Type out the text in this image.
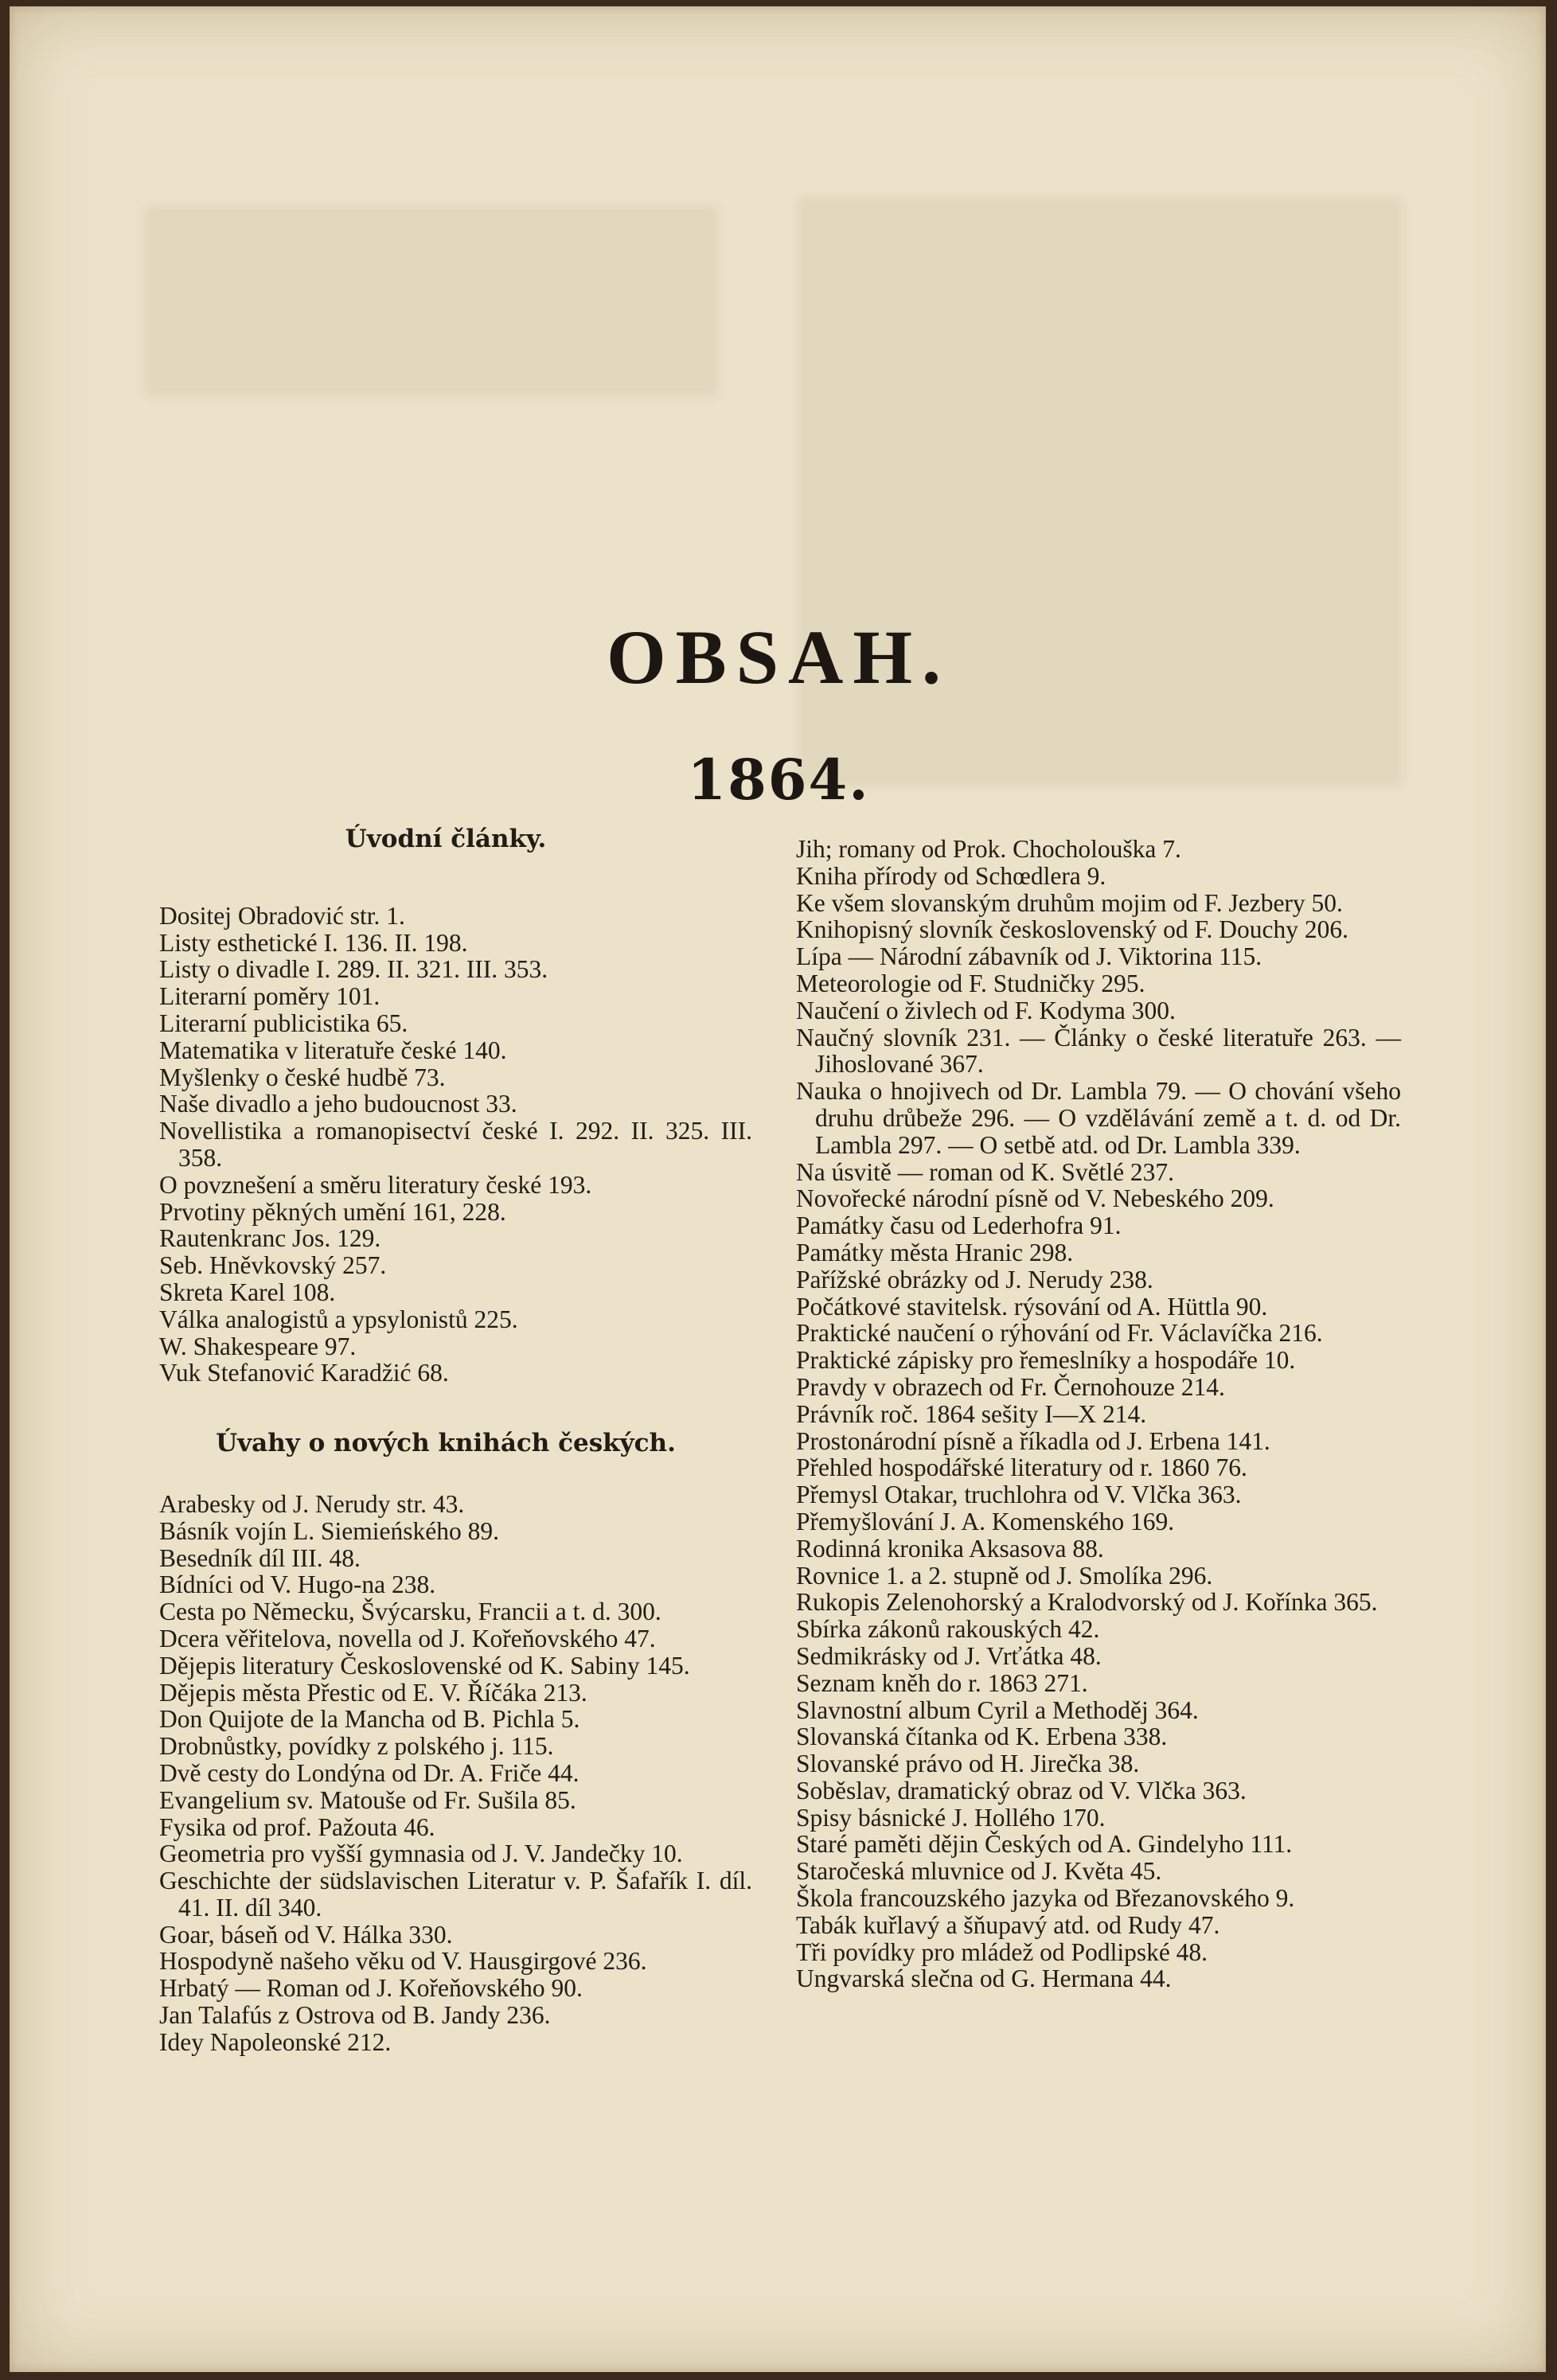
OBSAH.
1864.
Úvodní články.

Dositej Obradović str. 1.

Listy esthetické I. 136. II. 198.

Listy o divadle I. 289. II. 321. III. 353.

Literarní poměry 101.

Literarní publicistika 65.

Matematika v literatuře české 140.

Myšlenky o české hudbě 73.

Naše divadlo a jeho budoucnost 33.

Novellistika a romanopisectví české I. 292. II. 325. III. 358.

O povznešení a směru literatury české 193.

Prvotiny pěkných umění 161, 228.

Rautenkranc Jos. 129.

Seb. Hněvkovský 257.

Skreta Karel 108.

Válka analogistů a ypsylonistů 225.

W. Shakespeare 97.

Vuk Stefanović Karadžić 68.

Úvahy o nových knihách českých.

Arabesky od J. Nerudy str. 43.

Básník vojín L. Siemieńského 89.

Besedník díl III. 48.

Bídníci od V. Hugo-na 238.

Cesta po Německu, Švýcarsku, Francii a t. d. 300.

Dcera věřitelova, novella od J. Kořeňovského 47.

Dějepis literatury Československé od K. Sabiny 145.

Dějepis města Přestic od E. V. Říčáka 213.

Don Quijote de la Mancha od B. Pichla 5.

Drobnůstky, povídky z polského j. 115.

Dvě cesty do Londýna od Dr. A. Friče 44.

Evangelium sv. Matouše od Fr. Sušila 85.

Fysika od prof. Pažouta 46.

Geometria pro vyšší gymnasia od J. V. Jandečky 10.

Geschichte der südslavischen Literatur v. P. Šafařík I. díl. 41. II. díl 340.

Goar, báseň od V. Hálka 330.

Hospodyně našeho věku od V. Hausgirgové 236.

Hrbatý — Roman od J. Kořeňovského 90.

Jan Talafús z Ostrova od B. Jandy 236.

Idey Napoleonské 212.

Jih; romany od Prok. Chocholouška 7.

Kniha přírody od Schœdlera 9.

Ke všem slovanským druhům mojim od F. Jezbery 50.

Knihopisný slovník československý od F. Douchy 206.

Lípa — Národní zábavník od J. Viktorina 115.

Meteorologie od F. Studničky 295.

Naučení o živlech od F. Kodyma 300.

Naučný slovník 231. — Články o české literatuře 263. — Jihoslované 367.

Nauka o hnojivech od Dr. Lambla 79. — O chování všeho druhu drůbeže 296. — O vzdělávání země a t. d. od Dr. Lambla 297. — O setbě atd. od Dr. Lambla 339.

Na úsvitě — roman od K. Světlé 237.

Novořecké národní písně od V. Nebeského 209.

Památky času od Lederhofra 91.

Památky města Hranic 298.

Pařížské obrázky od J. Nerudy 238.

Počátkové stavitelsk. rýsování od A. Hüttla 90.

Praktické naučení o rýhování od Fr. Václavíčka 216.

Praktické zápisky pro řemeslníky a hospodáře 10.

Pravdy v obrazech od Fr. Černohouze 214.

Právník roč. 1864 sešity I—X 214.

Prostonárodní písně a říkadla od J. Erbena 141.

Přehled hospodářské literatury od r. 1860 76.

Přemysl Otakar, truchlohra od V. Vlčka 363.

Přemyšlování J. A. Komenského 169.

Rodinná kronika Aksasova 88.

Rovnice 1. a 2. stupně od J. Smolíka 296.

Rukopis Zelenohorský a Kralodvorský od J. Kořínka 365.

Sbírka zákonů rakouských 42.

Sedmikrásky od J. Vrťátka 48.

Seznam kněh do r. 1863 271.

Slavnostní album Cyril a Methoděj 364.

Slovanská čítanka od K. Erbena 338.

Slovanské právo od H. Jirečka 38.

Soběslav, dramatický obraz od V. Vlčka 363.

Spisy básnické J. Hollého 170.

Staré paměti dějin Českých od A. Gindelyho 111.

Staročeská mluvnice od J. Květa 45.

Škola francouzského jazyka od Březanovského 9.

Tabák kuřlavý a šňupavý atd. od Rudy 47.

Tři povídky pro mládež od Podlipské 48.

Ungvarská slečna od G. Hermana 44.
